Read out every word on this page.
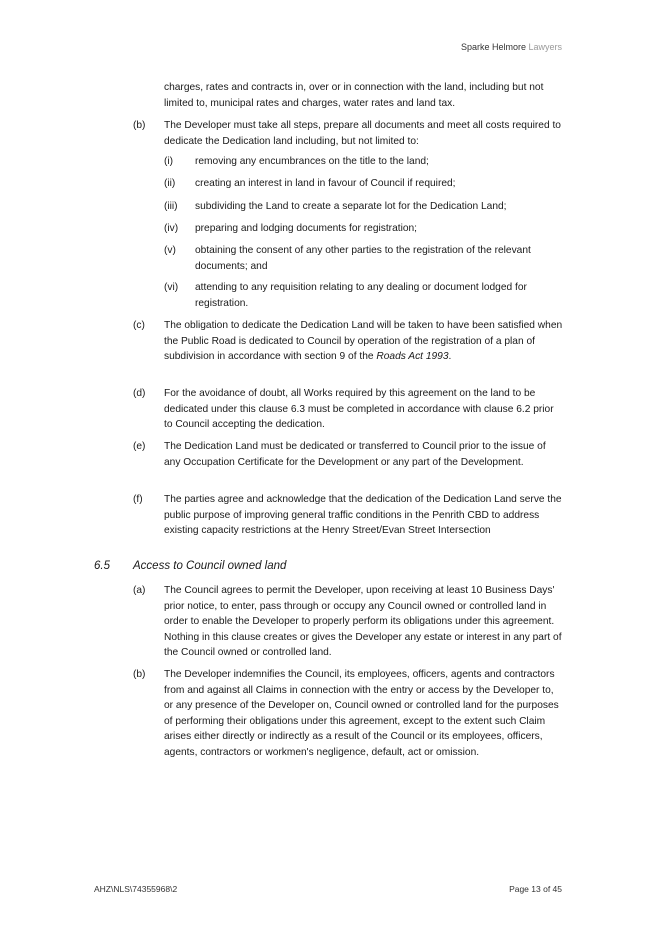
Sparke Helmore Lawyers

charges, rates and contracts in, over or in connection with the land, including but not limited to, municipal rates and charges, water rates and land tax.

(b)	The Developer must take all steps, prepare all documents and meet all costs required to dedicate the Dedication land including, but not limited to:
(i)	removing any encumbrances on the title to the land;
(ii)	creating an interest in land in favour of Council if required;
(iii)	subdividing the Land to create a separate lot for the Dedication Land;
(iv)	preparing and lodging documents for registration;
(v)	obtaining the consent of any other parties to the registration of the relevant documents; and
(vi)	attending to any requisition relating to any dealing or document lodged for registration.
(c)	The obligation to dedicate the Dedication Land will be taken to have been satisfied when the Public Road is dedicated to Council by operation of the registration of a plan of subdivision in accordance with section 9 of the Roads Act 1993.
(d)	For the avoidance of doubt, all Works required by this agreement on the land to be dedicated under this clause 6.3 must be completed in accordance with clause 6.2 prior to Council accepting the dedication.
(e)	The Dedication Land must be dedicated or transferred to Council prior to the issue of any Occupation Certificate for the Development or any part of the Development.
(f)	The parties agree and acknowledge that the dedication of the Dedication Land serve the public purpose of improving general traffic conditions in the Penrith CBD to address existing capacity restrictions at the Henry Street/Evan Street Intersection
6.5	Access to Council owned land
(a)	The Council agrees to permit the Developer, upon receiving at least 10 Business Days' prior notice, to enter, pass through or occupy any Council owned or controlled land in order to enable the Developer to properly perform its obligations under this agreement. Nothing in this clause creates or gives the Developer any estate or interest in any part of the Council owned or controlled land.
(b)	The Developer indemnifies the Council, its employees, officers, agents and contractors from and against all Claims in connection with the entry or access by the Developer to, or any presence of the Developer on, Council owned or controlled land for the purposes of performing their obligations under this agreement, except to the extent such Claim arises either directly or indirectly as a result of the Council or its employees, officers, agents, contractors or workmen's negligence, default, act or omission.
AHZ\NLS\74355968\2	Page 13 of 45
